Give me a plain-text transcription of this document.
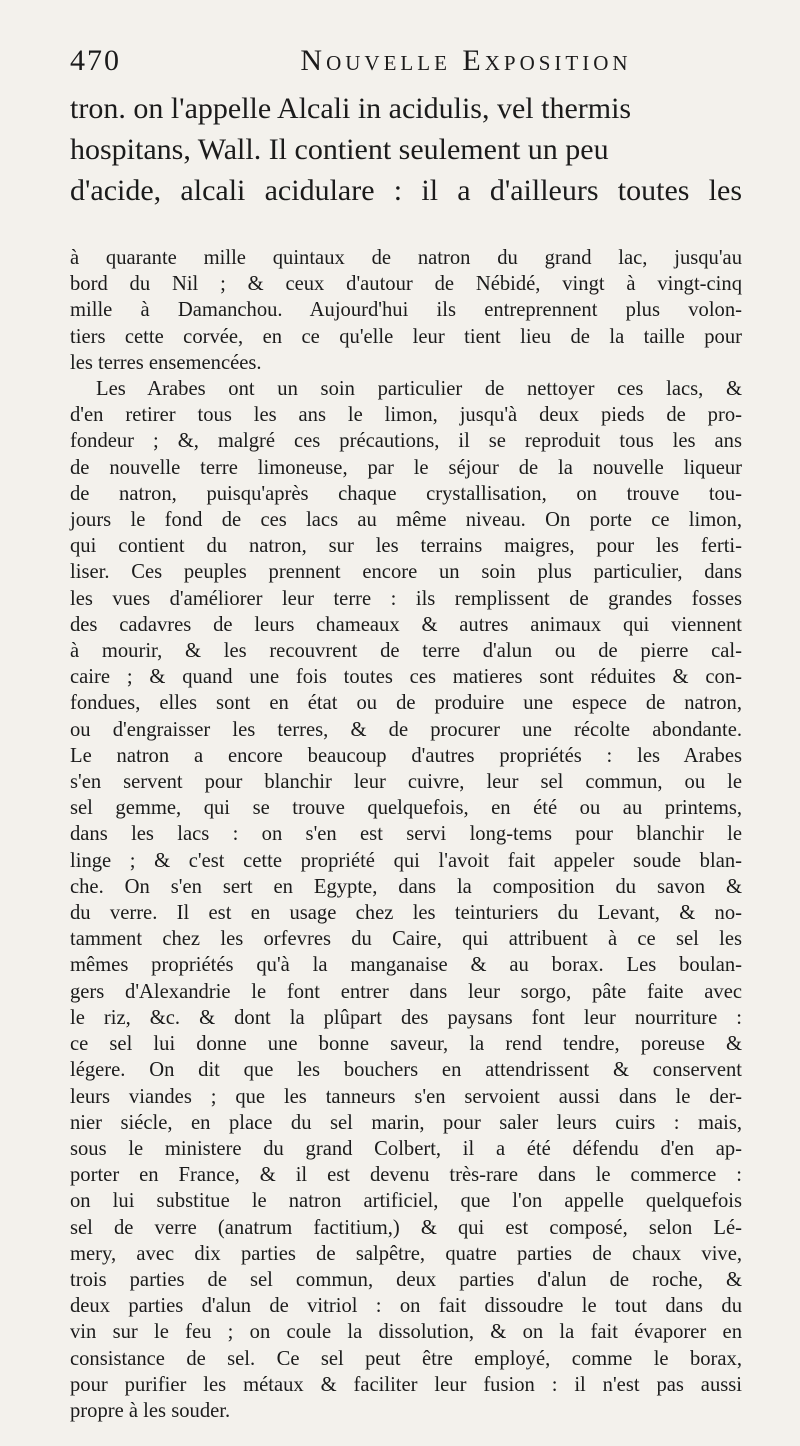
470	Nouvelle Exposition

tron. on l'appelle Alcali in acidulis, vel thermis

hospitans, Wall. Il contient seulement un peu

d'acide, alcali acidulare : il a d'ailleurs toutes les

à quarante mille quintaux de natron du grand lac, jusqu'au
bord du Nil ; & ceux d'autour de Nébidé, vingt à vingt-cinq
mille à Damanchou. Aujourd'hui ils entreprennent plus volon-
tiers cette corvée, en ce qu'elle leur tient lieu de la taille pour
les terres ensemencées.
Les Arabes ont un soin particulier de nettoyer ces lacs, &
d'en retirer tous les ans le limon, jusqu'à deux pieds de pro-
fondeur ; &, malgré ces précautions, il se reproduit tous les ans
de nouvelle terre limoneuse, par le séjour de la nouvelle liqueur
de natron, puisqu'après chaque crystallisation, on trouve tou-
jours le fond de ces lacs au même niveau. On porte ce limon,
qui contient du natron, sur les terrains maigres, pour les ferti-
liser. Ces peuples prennent encore un soin plus particulier, dans
les vues d'améliorer leur terre : ils remplissent de grandes fosses
des cadavres de leurs chameaux & autres animaux qui viennent
à mourir, & les recouvrent de terre d'alun ou de pierre cal-
caire ; & quand une fois toutes ces matieres sont réduites & con-
fondues, elles sont en état ou de produire une espece de natron,
ou d'engraisser les terres, & de procurer une récolte abondante.
Le natron a encore beaucoup d'autres propriétés : les Arabes
s'en servent pour blanchir leur cuivre, leur sel commun, ou le
sel gemme, qui se trouve quelquefois, en été ou au printems,
dans les lacs : on s'en est servi long-tems pour blanchir le
linge ; & c'est cette propriété qui l'avoit fait appeler soude blan-
che. On s'en sert en Egypte, dans la composition du savon &
du verre. Il est en usage chez les teinturiers du Levant, & no-
tamment chez les orfevres du Caire, qui attribuent à ce sel les
mêmes propriétés qu'à la manganaise & au borax. Les boulan-
gers d'Alexandrie le font entrer dans leur sorgo, pâte faite avec
le riz, &c. & dont la plûpart des paysans font leur nourriture :
ce sel lui donne une bonne saveur, la rend tendre, poreuse &
légere. On dit que les bouchers en attendrissent & conservent
leurs viandes ; que les tanneurs s'en servoient aussi dans le der-
nier siécle, en place du sel marin, pour saler leurs cuirs : mais,
sous le ministere du grand Colbert, il a été défendu d'en ap-
porter en France, & il est devenu très-rare dans le commerce :
on lui substitue le natron artificiel, que l'on appelle quelquefois
sel de verre (anatrum factitium,) & qui est composé, selon Lé-
mery, avec dix parties de salpêtre, quatre parties de chaux vive,
trois parties de sel commun, deux parties d'alun de roche, &
deux parties d'alun de vitriol : on fait dissoudre le tout dans du
vin sur le feu ; on coule la dissolution, & on la fait évaporer en
consistance de sel. Ce sel peut être employé, comme le borax,
pour purifier les métaux & faciliter leur fusion : il n'est pas aussi
propre à les souder.
